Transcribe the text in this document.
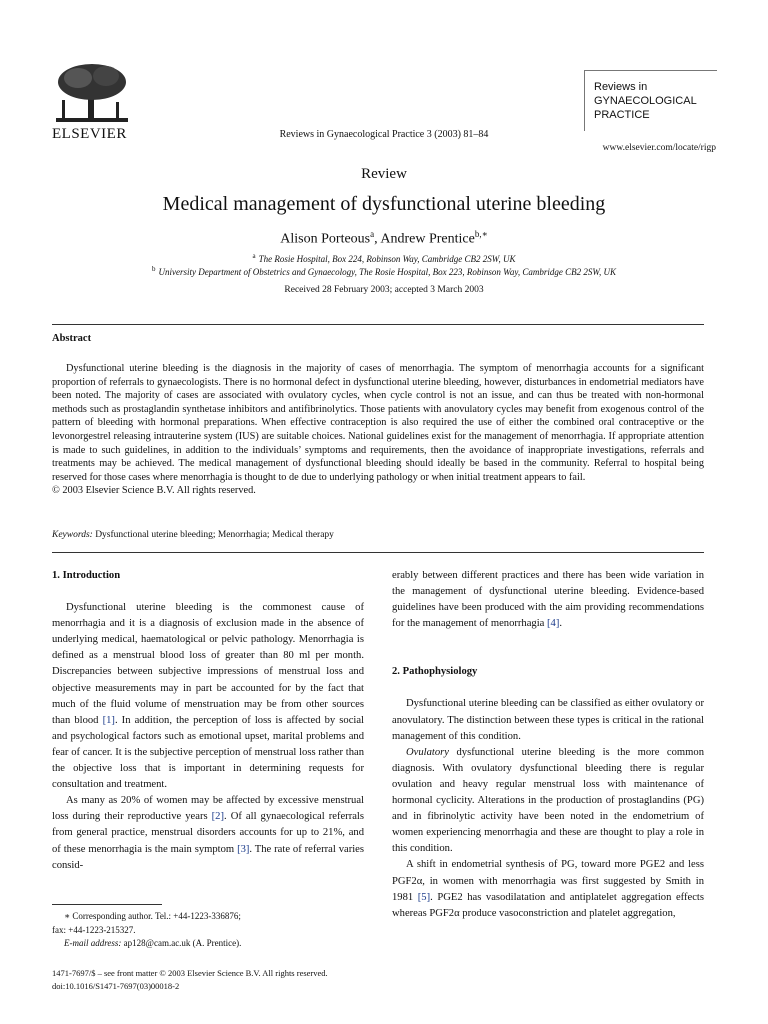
ELSEVIER	Reviews in Gynaecological Practice 3 (2003) 81–84
Reviews in
GYNAECOLOGICAL
PRACTICE
www.elsevier.com/locate/rigp
Review
Medical management of dysfunctional uterine bleeding
Alison Porteous$^a$, Andrew Prentice$^{b,∗}$
$^a$ The Rosie Hospital, Box 224, Robinson Way, Cambridge CB2 2SW, UK
$^b$ University Department of Obstetrics and Gynaecology, The Rosie Hospital, Box 223, Robinson Way, Cambridge CB2 2SW, UK
Received 28 February 2003; accepted 3 March 2003
Abstract

Dysfunctional uterine bleeding is the diagnosis in the majority of cases of menorrhagia. The symptom of menorrhagia accounts for a significant proportion of referrals to gynaecologists. There is no hormonal defect in dysfunctional uterine bleeding, however, disturbances in endometrial mediators have been noted. The majority of cases are associated with ovulatory cycles, when cycle control is not an issue, and can thus be treated with non-hormonal methods such as prostaglandin synthetase inhibitors and antifibrinolytics. Those patients with anovulatory cycles may benefit from exogenous control of the pattern of bleeding with hormonal preparations. When effective contraception is also required the use of either the combined oral contraceptive or the levonorgestrel releasing intrauterine system (IUS) are suitable choices. National guidelines exist for the management of menorrhagia. If appropriate attention is made to such guidelines, in addition to the individuals’ symptoms and requirements, then the avoidance of inappropriate investigations, referrals and treatments may be achieved. The medical management of dysfunctional bleeding should ideally be based in the community. Referral to hospital being reserved for those cases where menorrhagia is thought to de due to underlying pathology or when initial treatment appears to fail.

© 2003 Elsevier Science B.V. All rights reserved.

Keywords: Dysfunctional uterine bleeding; Menorrhagia; Medical therapy
1. Introduction

Dysfunctional uterine bleeding is the commonest cause of menorrhagia and it is a diagnosis of exclusion made in the absence of underlying medical, haematological or pelvic pathology. Menorrhagia is defined as a menstrual blood loss of greater than 80 ml per month. Discrepancies between subjective impressions of menstrual loss and objective measurements may in part be accounted for by the fact that much of the fluid volume of menstruation may be from other sources than blood [1]. In addition, the perception of loss is affected by social and psychological factors such as emotional upset, marital problems and fear of cancer. It is the subjective perception of menstrual loss rather than the objective loss that is important in determining requests for consultation and treatment.

As many as 20% of women may be affected by excessive menstrual loss during their reproductive years [2]. Of all gynaecological referrals from general practice, menstrual disorders accounts for up to 21%, and of these menorrhagia is the main symptom [3]. The rate of referral varies consid-

erably between different practices and there has been wide variation in the management of dysfunctional uterine bleeding. Evidence-based guidelines have been produced with the aim providing recommendations for the management of menorrhagia [4].

2. Pathophysiology

Dysfunctional uterine bleeding can be classified as either ovulatory or anovulatory. The distinction between these types is critical in the rational management of this condition.

Ovulatory dysfunctional uterine bleeding is the more common diagnosis. With ovulatory dysfunctional bleeding there is regular ovulation and heavy regular menstrual loss with maintenance of hormonal cyclicity. Alterations in the production of prostaglandins (PG) and in fibrinolytic activity have been noted in the endometrium of women experiencing menorrhagia and these are thought to play a role in this condition.

A shift in endometrial synthesis of PG, toward more PGE2 and less PGF2α, in women with menorrhagia was first suggested by Smith in 1981 [5]. PGE2 has vasodilatation and antiplatelet aggregation effects whereas PGF2α produce vasoconstriction and platelet aggregation,

∗ Corresponding author. Tel.: +44-1223-336876;
fax: +44-1223-215327.
E-mail address: ap128@cam.ac.uk (A. Prentice).
1471-7697/$ – see front matter © 2003 Elsevier Science B.V. All rights reserved.
doi:10.1016/S1471-7697(03)00018-2
